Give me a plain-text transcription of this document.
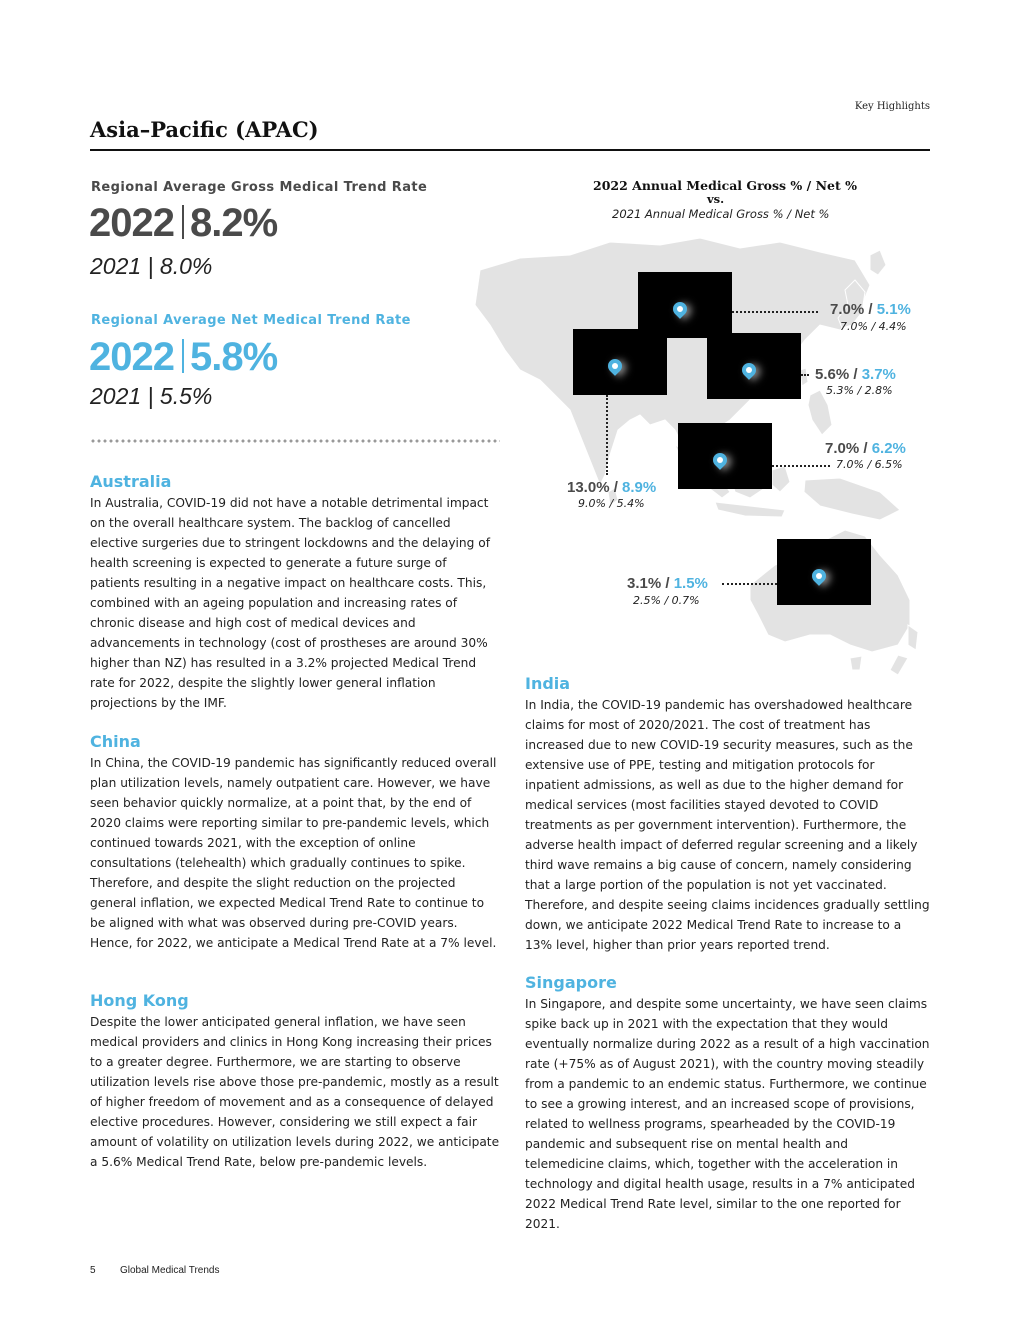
Key Highlights
Asia–Pacific (APAC)
Regional Average Gross Medical Trend Rate
2022 8.2%
2021 | 8.0%
Regional Average Net Medical Trend Rate
2022 5.8%
2021 | 5.5%
Australia

In Australia, COVID-19 did not have a notable detrimental impact on the overall healthcare system. The backlog of cancelled elective surgeries due to stringent lockdowns and the delaying of health screening is expected to generate a future surge of patients resulting in a negative impact on healthcare costs. This, combined with an ageing population and increasing rates of chronic disease and high cost of medical devices and advancements in technology (cost of prostheses are around 30% higher than NZ) has resulted in a 3.2% projected Medical Trend rate for 2022, despite the slightly lower general inflation projections by the IMF.

China

In China, the COVID-19 pandemic has significantly reduced overall plan utilization levels, namely outpatient care. However, we have seen behavior quickly normalize, at a point that, by the end of 2020 claims were reporting similar to pre-pandemic levels, which continued towards 2021, with the exception of online consultations (telehealth) which gradually continues to spike. Therefore, and despite the slight reduction on the projected general inflation, we expected Medical Trend Rate to continue to be aligned with what was observed during pre-COVID years. Hence, for 2022, we anticipate a Medical Trend Rate at a 7% level.

Hong Kong

Despite the lower anticipated general inflation, we have seen medical providers and clinics in Hong Kong increasing their prices to a greater degree. Furthermore, we are starting to observe utilization levels rise above those pre-pandemic, mostly as a result of higher freedom of movement and as a consequence of delayed elective procedures. However, considering we still expect a fair amount of volatility on utilization levels during 2022, we anticipate a 5.6% Medical Trend Rate, below pre-pandemic levels.

2022 Annual Medical Gross % / Net %
vs.
2021 Annual Medical Gross % / Net %
7.0% / 5.1%
7.0% / 4.4%
5.6% / 3.7%
5.3% / 2.8%
7.0% / 6.2%
7.0% / 6.5%
13.0% / 8.9%
9.0% / 5.4%
3.1% / 1.5%
2.5% / 0.7%
India

In India, the COVID-19 pandemic has overshadowed healthcare claims for most of 2020/2021. The cost of treatment has increased due to new COVID-19 security measures, such as the extensive use of PPE, testing and mitigation protocols for inpatient admissions, as well as due to the higher demand for medical services (most facilities stayed devoted to COVID treatments as per government intervention). Furthermore, the adverse health impact of deferred regular screening and a likely third wave remains a big cause of concern, namely considering that a large portion of the population is not yet vaccinated. Therefore, and despite seeing claims incidences gradually settling down, we anticipate 2022 Medical Trend Rate to increase to a 13% level, higher than prior years reported trend.

Singapore

In Singapore, and despite some uncertainty, we have seen claims spike back up in 2021 with the expectation that they would eventually normalize during 2022 as a result of a high vaccination rate (+75% as of August 2021), with the country moving steadily from a pandemic to an endemic status. Furthermore, we continue to see a growing interest, and an increased scope of provisions, related to wellness programs, spearheaded by the COVID-19 pandemic and subsequent rise on mental health and telemedicine claims, which, together with the acceleration in technology and digital health usage, results in a 7% anticipated 2022 Medical Trend Rate level, similar to the one reported for 2021.

5 Global Medical Trends
